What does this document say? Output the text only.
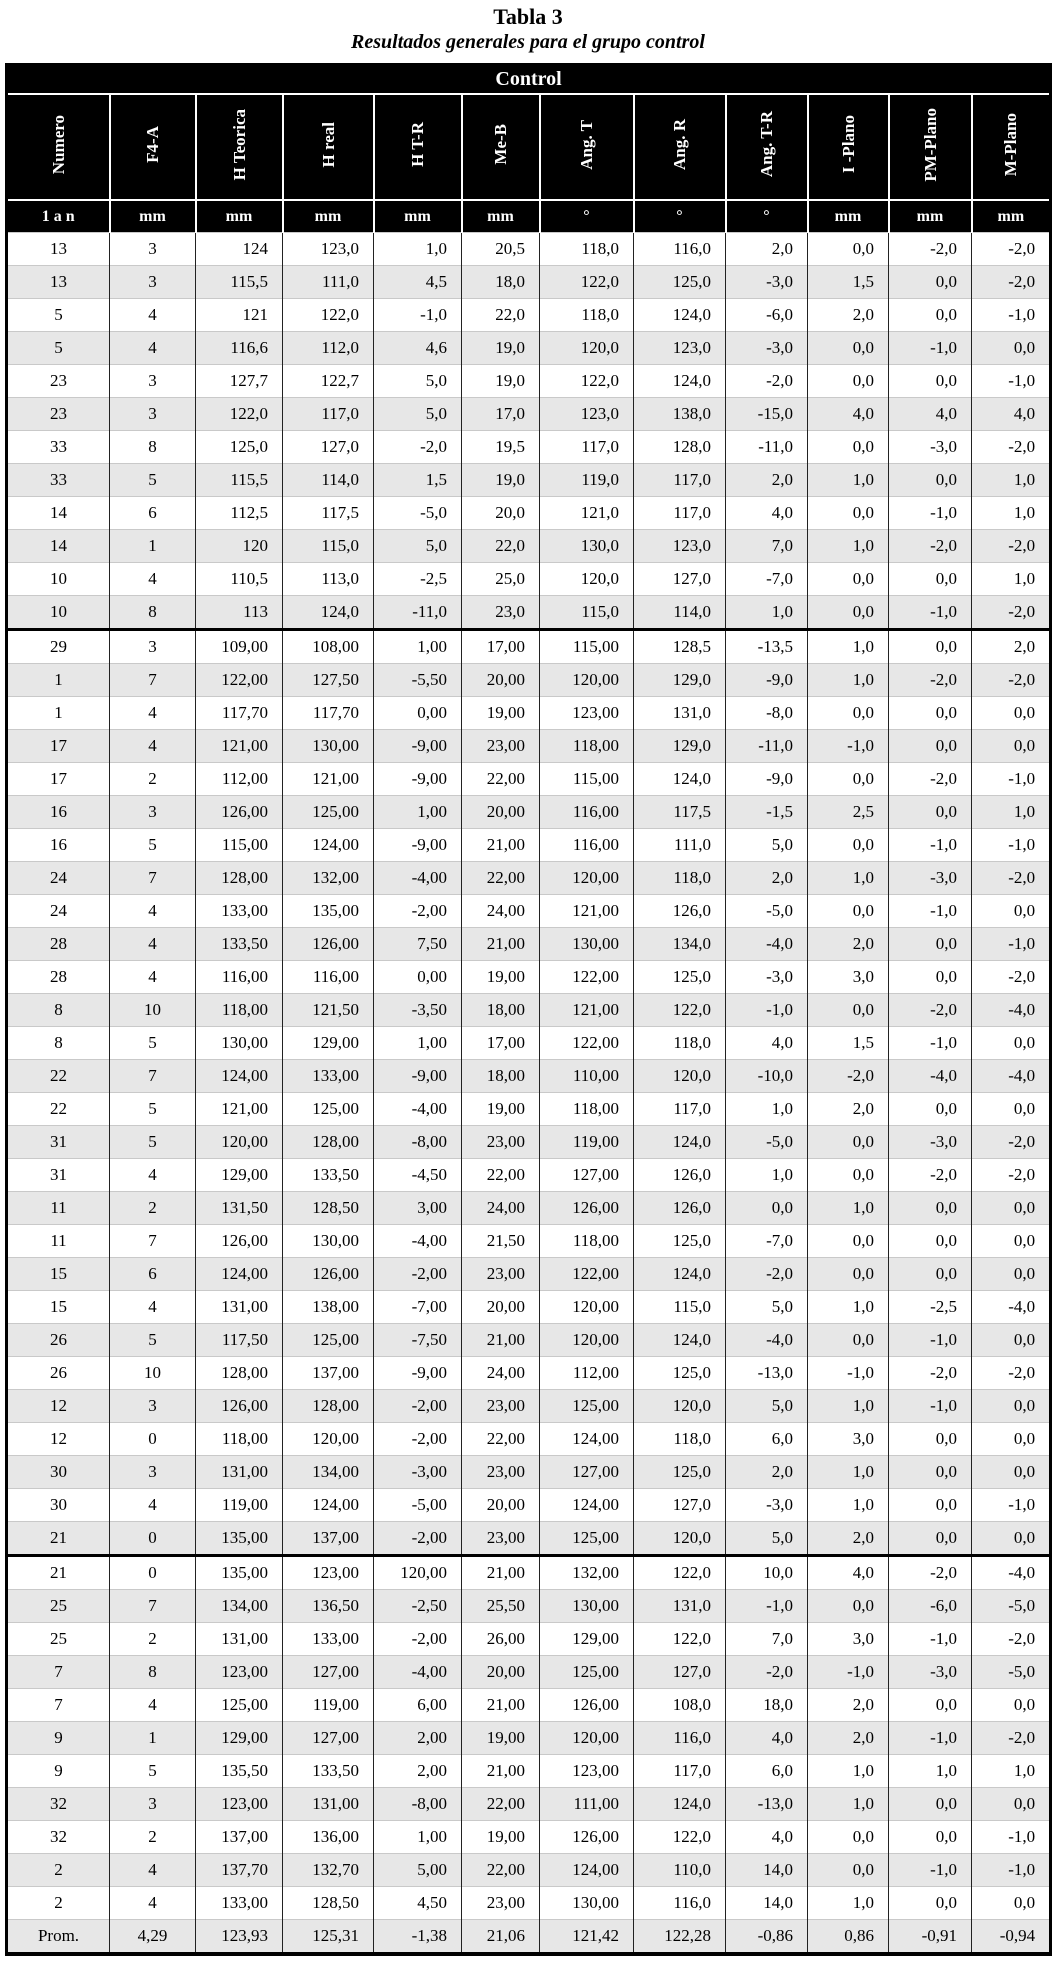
Tabla 3
Resultados generales para el grupo control
Control											
Numero	F4-A	H Teorica	H real	H T-R	Me-B	Ang. T	Ang. R	Ang. T-R	I -Plano	PM-Plano	M-Plano
1 a n	mm	mm	mm	mm	mm	°	°	°	mm	mm	mm
13	3	124	123,0	1,0	20,5	118,0	116,0	2,0	0,0	-2,0	-2,0
13	3	115,5	111,0	4,5	18,0	122,0	125,0	-3,0	1,5	0,0	-2,0
5	4	121	122,0	-1,0	22,0	118,0	124,0	-6,0	2,0	0,0	-1,0
5	4	116,6	112,0	4,6	19,0	120,0	123,0	-3,0	0,0	-1,0	0,0
23	3	127,7	122,7	5,0	19,0	122,0	124,0	-2,0	0,0	0,0	-1,0
23	3	122,0	117,0	5,0	17,0	123,0	138,0	-15,0	4,0	4,0	4,0
33	8	125,0	127,0	-2,0	19,5	117,0	128,0	-11,0	0,0	-3,0	-2,0
33	5	115,5	114,0	1,5	19,0	119,0	117,0	2,0	1,0	0,0	1,0
14	6	112,5	117,5	-5,0	20,0	121,0	117,0	4,0	0,0	-1,0	1,0
14	1	120	115,0	5,0	22,0	130,0	123,0	7,0	1,0	-2,0	-2,0
10	4	110,5	113,0	-2,5	25,0	120,0	127,0	-7,0	0,0	0,0	1,0
10	8	113	124,0	-11,0	23,0	115,0	114,0	1,0	0,0	-1,0	-2,0
29	3	109,00	108,00	1,00	17,00	115,00	128,5	-13,5	1,0	0,0	2,0
1	7	122,00	127,50	-5,50	20,00	120,00	129,0	-9,0	1,0	-2,0	-2,0
1	4	117,70	117,70	0,00	19,00	123,00	131,0	-8,0	0,0	0,0	0,0
17	4	121,00	130,00	-9,00	23,00	118,00	129,0	-11,0	-1,0	0,0	0,0
17	2	112,00	121,00	-9,00	22,00	115,00	124,0	-9,0	0,0	-2,0	-1,0
16	3	126,00	125,00	1,00	20,00	116,00	117,5	-1,5	2,5	0,0	1,0
16	5	115,00	124,00	-9,00	21,00	116,00	111,0	5,0	0,0	-1,0	-1,0
24	7	128,00	132,00	-4,00	22,00	120,00	118,0	2,0	1,0	-3,0	-2,0
24	4	133,00	135,00	-2,00	24,00	121,00	126,0	-5,0	0,0	-1,0	0,0
28	4	133,50	126,00	7,50	21,00	130,00	134,0	-4,0	2,0	0,0	-1,0
28	4	116,00	116,00	0,00	19,00	122,00	125,0	-3,0	3,0	0,0	-2,0
8	10	118,00	121,50	-3,50	18,00	121,00	122,0	-1,0	0,0	-2,0	-4,0
8	5	130,00	129,00	1,00	17,00	122,00	118,0	4,0	1,5	-1,0	0,0
22	7	124,00	133,00	-9,00	18,00	110,00	120,0	-10,0	-2,0	-4,0	-4,0
22	5	121,00	125,00	-4,00	19,00	118,00	117,0	1,0	2,0	0,0	0,0
31	5	120,00	128,00	-8,00	23,00	119,00	124,0	-5,0	0,0	-3,0	-2,0
31	4	129,00	133,50	-4,50	22,00	127,00	126,0	1,0	0,0	-2,0	-2,0
11	2	131,50	128,50	3,00	24,00	126,00	126,0	0,0	1,0	0,0	0,0
11	7	126,00	130,00	-4,00	21,50	118,00	125,0	-7,0	0,0	0,0	0,0
15	6	124,00	126,00	-2,00	23,00	122,00	124,0	-2,0	0,0	0,0	0,0
15	4	131,00	138,00	-7,00	20,00	120,00	115,0	5,0	1,0	-2,5	-4,0
26	5	117,50	125,00	-7,50	21,00	120,00	124,0	-4,0	0,0	-1,0	0,0
26	10	128,00	137,00	-9,00	24,00	112,00	125,0	-13,0	-1,0	-2,0	-2,0
12	3	126,00	128,00	-2,00	23,00	125,00	120,0	5,0	1,0	-1,0	0,0
12	0	118,00	120,00	-2,00	22,00	124,00	118,0	6,0	3,0	0,0	0,0
30	3	131,00	134,00	-3,00	23,00	127,00	125,0	2,0	1,0	0,0	0,0
30	4	119,00	124,00	-5,00	20,00	124,00	127,0	-3,0	1,0	0,0	-1,0
21	0	135,00	137,00	-2,00	23,00	125,00	120,0	5,0	2,0	0,0	0,0
21	0	135,00	123,00	120,00	21,00	132,00	122,0	10,0	4,0	-2,0	-4,0
25	7	134,00	136,50	-2,50	25,50	130,00	131,0	-1,0	0,0	-6,0	-5,0
25	2	131,00	133,00	-2,00	26,00	129,00	122,0	7,0	3,0	-1,0	-2,0
7	8	123,00	127,00	-4,00	20,00	125,00	127,0	-2,0	-1,0	-3,0	-5,0
7	4	125,00	119,00	6,00	21,00	126,00	108,0	18,0	2,0	0,0	0,0
9	1	129,00	127,00	2,00	19,00	120,00	116,0	4,0	2,0	-1,0	-2,0
9	5	135,50	133,50	2,00	21,00	123,00	117,0	6,0	1,0	1,0	1,0
32	3	123,00	131,00	-8,00	22,00	111,00	124,0	-13,0	1,0	0,0	0,0
32	2	137,00	136,00	1,00	19,00	126,00	122,0	4,0	0,0	0,0	-1,0
2	4	137,70	132,70	5,00	22,00	124,00	110,0	14,0	0,0	-1,0	-1,0
2	4	133,00	128,50	4,50	23,00	130,00	116,0	14,0	1,0	0,0	0,0
Prom.	4,29	123,93	125,31	-1,38	21,06	121,42	122,28	-0,86	0,86	-0,91	-0,94
